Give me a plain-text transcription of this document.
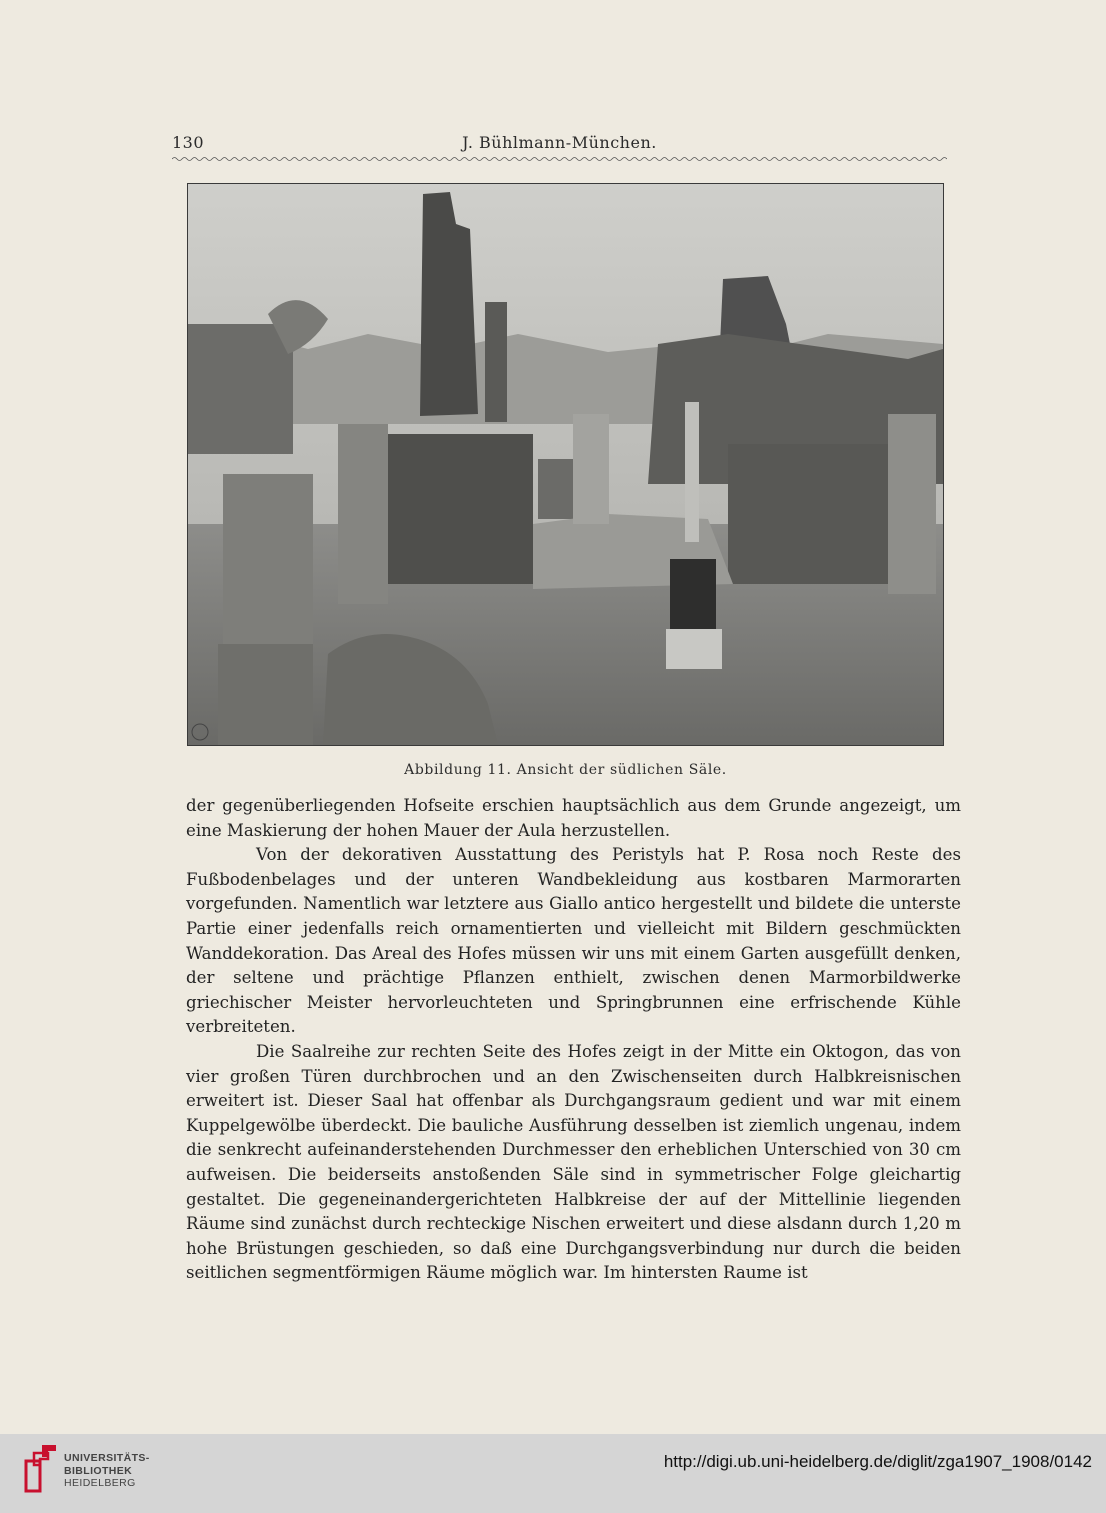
130	J. Bühlmann-München.
Abbildung 11. Ansicht der südlichen Säle.

der gegenüberliegenden Hofseite erschien hauptsächlich aus dem Grunde angezeigt, um eine Maskierung der hohen Mauer der Aula herzustellen.

Von der dekorativen Ausstattung des Peristyls hat P. Rosa noch Reste des Fußbodenbelages und der unteren Wandbekleidung aus kostbaren Marmorarten vorgefunden. Namentlich war letztere aus Giallo antico hergestellt und bildete die unterste Partie einer jedenfalls reich ornamentierten und vielleicht mit Bildern geschmückten Wanddekoration. Das Areal des Hofes müssen wir uns mit einem Garten ausgefüllt denken, der seltene und prächtige Pflanzen enthielt, zwischen denen Marmorbildwerke griechischer Meister hervorleuchteten und Springbrunnen eine erfrischende Kühle verbreiteten.

Die Saalreihe zur rechten Seite des Hofes zeigt in der Mitte ein Oktogon, das von vier großen Türen durchbrochen und an den Zwischenseiten durch Halbkreisnischen erweitert ist. Dieser Saal hat offenbar als Durchgangsraum gedient und war mit einem Kuppelgewölbe überdeckt. Die bauliche Ausführung desselben ist ziemlich ungenau, indem die senkrecht aufeinanderstehenden Durchmesser den erheblichen Unterschied von 30 cm aufweisen. Die beiderseits anstoßenden Säle sind in symmetrischer Folge gleichartig gestaltet. Die gegeneinandergerichteten Halbkreise der auf der Mittellinie liegenden Räume sind zunächst durch rechteckige Nischen erweitert und diese alsdann durch 1,20 m hohe Brüstungen geschieden, so daß eine Durchgangsverbindung nur durch die beiden seitlichen segmentförmigen Räume möglich war. Im hintersten Raume ist

UNIVERSITÄTS-
BIBLIOTHEK
HEIDELBERG
http://digi.ub.uni-heidelberg.de/diglit/zga1907_1908/0142
